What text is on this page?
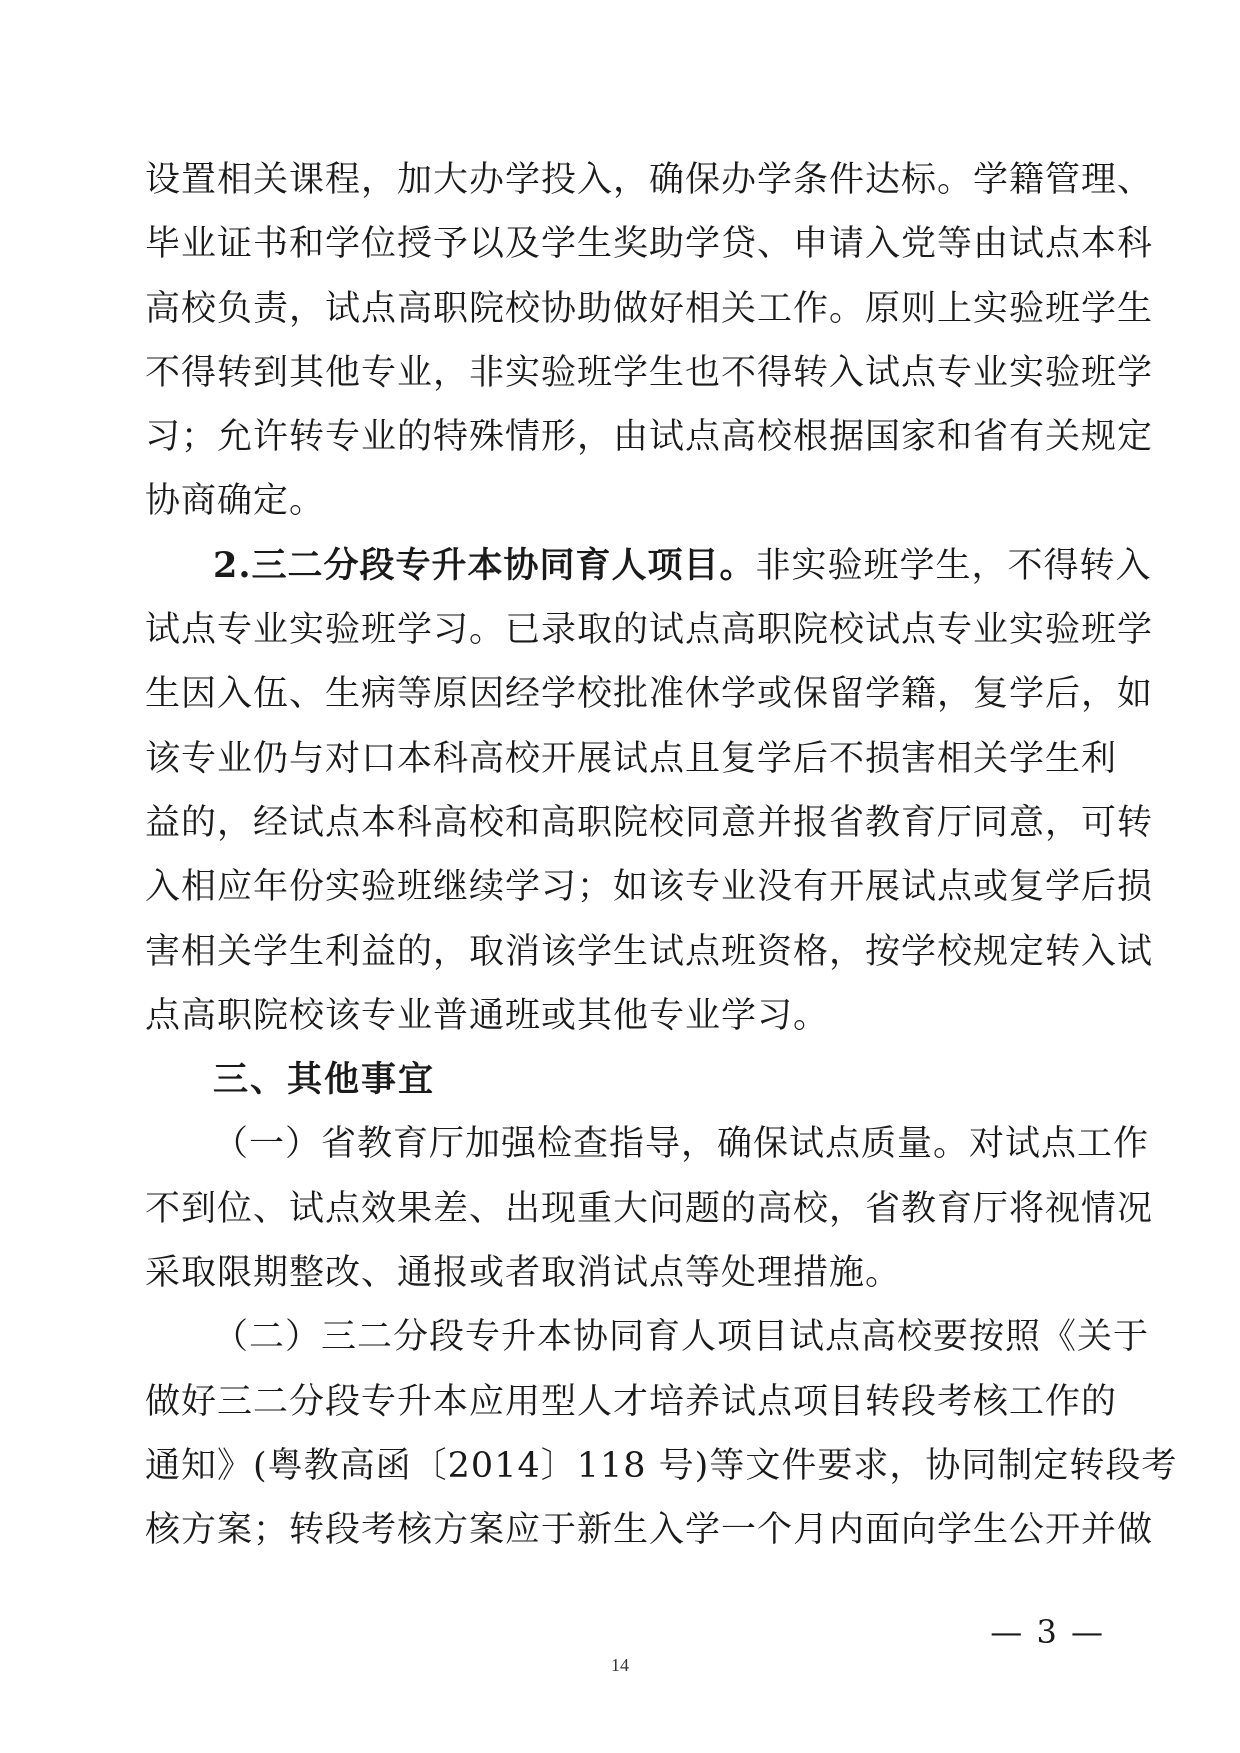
设置相关课程，加大办学投入，确保办学条件达标。学籍管理、
毕业证书和学位授予以及学生奖助学贷、申请入党等由试点本科
高校负责，试点高职院校协助做好相关工作。原则上实验班学生
不得转到其他专业，非实验班学生也不得转入试点专业实验班学
习；允许转专业的特殊情形，由试点高校根据国家和省有关规定
协商确定。
2.三二分段专升本协同育人项目。非实验班学生，不得转入
试点专业实验班学习。已录取的试点高职院校试点专业实验班学
生因入伍、生病等原因经学校批准休学或保留学籍，复学后，如
该专业仍与对口本科高校开展试点且复学后不损害相关学生利
益的，经试点本科高校和高职院校同意并报省教育厅同意，可转
入相应年份实验班继续学习；如该专业没有开展试点或复学后损
害相关学生利益的，取消该学生试点班资格，按学校规定转入试
点高职院校该专业普通班或其他专业学习。
三、其他事宜
（一）省教育厅加强检查指导，确保试点质量。对试点工作
不到位、试点效果差、出现重大问题的高校，省教育厅将视情况
采取限期整改、通报或者取消试点等处理措施。
（二）三二分段专升本协同育人项目试点高校要按照《关于
做好三二分段专升本应用型人才培养试点项目转段考核工作的
通知》(粤教高函〔2014〕118 号)等文件要求，协同制定转段考
核方案；转段考核方案应于新生入学一个月内面向学生公开并做
— 3 —
14
